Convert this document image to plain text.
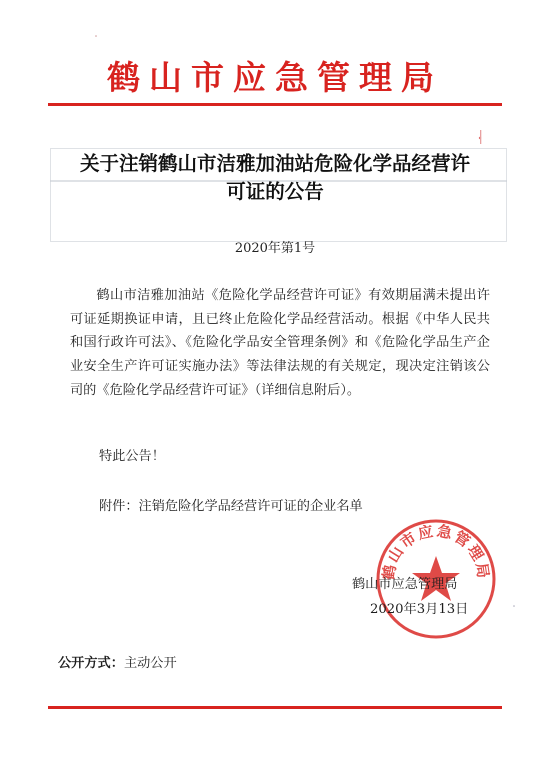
鹤山市应急管理局
关于注销鹤山市洁雅加油站危险化学品经营许
可证的公告
2020年第1号

鹤山市洁雅加油站《危险化学品经营许可证》有效期届满未提出许可证延期换证申请，且已终止危险化学品经营活动。根据《中华人民共和国行政许可法》、《危险化学品安全管理条例》和《危险化学品生产企业安全生产许可证实施办法》等法律法规的有关规定，现决定注销该公司的《危险化学品经营许可证》（详细信息附后）。

特此公告！
附件：注销危险化学品经营许可证的企业名单
鹤山市应急管理局
鹤山市应急管理局
2020年3月13日
公开方式：主动公开
